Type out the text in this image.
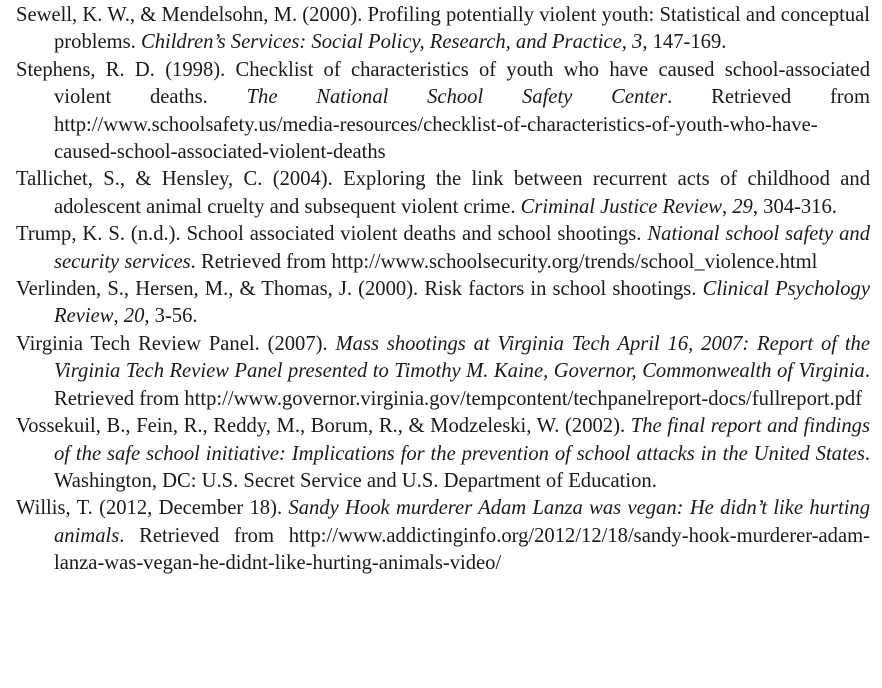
Sewell, K. W., & Mendelsohn, M. (2000). Profiling potentially violent youth: Statistical and conceptual problems. Children’s Services: Social Policy, Research, and Practice, 3, 147-169.

Stephens, R. D. (1998). Checklist of characteristics of youth who have caused school-associated violent deaths. The National School Safety Center. Retrieved from http://www.schoolsafety.us/media-resources/checklist-of-characteristics-of-youth-who-have-caused-school-associated-violent-deaths

Tallichet, S., & Hensley, C. (2004). Exploring the link between recurrent acts of childhood and adolescent animal cruelty and subsequent violent crime. Criminal Justice Review, 29, 304-316.

Trump, K. S. (n.d.). School associated violent deaths and school shootings. National school safety and security services. Retrieved from http://www.schoolsecurity.org/trends/school_violence.html

Verlinden, S., Hersen, M., & Thomas, J. (2000). Risk factors in school shootings. Clinical Psychology Review, 20, 3-56.

Virginia Tech Review Panel. (2007). Mass shootings at Virginia Tech April 16, 2007: Report of the Virginia Tech Review Panel presented to Timothy M. Kaine, Governor, Commonwealth of Virginia. Retrieved from http://www.governor.virginia.gov/tempcontent/techpanelreport-docs/fullreport.pdf

Vossekuil, B., Fein, R., Reddy, M., Borum, R., & Modzeleski, W. (2002). The final report and findings of the safe school initiative: Implications for the prevention of school attacks in the United States. Washington, DC: U.S. Secret Service and U.S. Department of Education.

Willis, T. (2012, December 18). Sandy Hook murderer Adam Lanza was vegan: He didn’t like hurting animals. Retrieved from http://www.addictinginfo.org/2012/12/18/sandy-hook-murderer-adam-lanza-was-vegan-he-didnt-like-hurting-animals-video/
